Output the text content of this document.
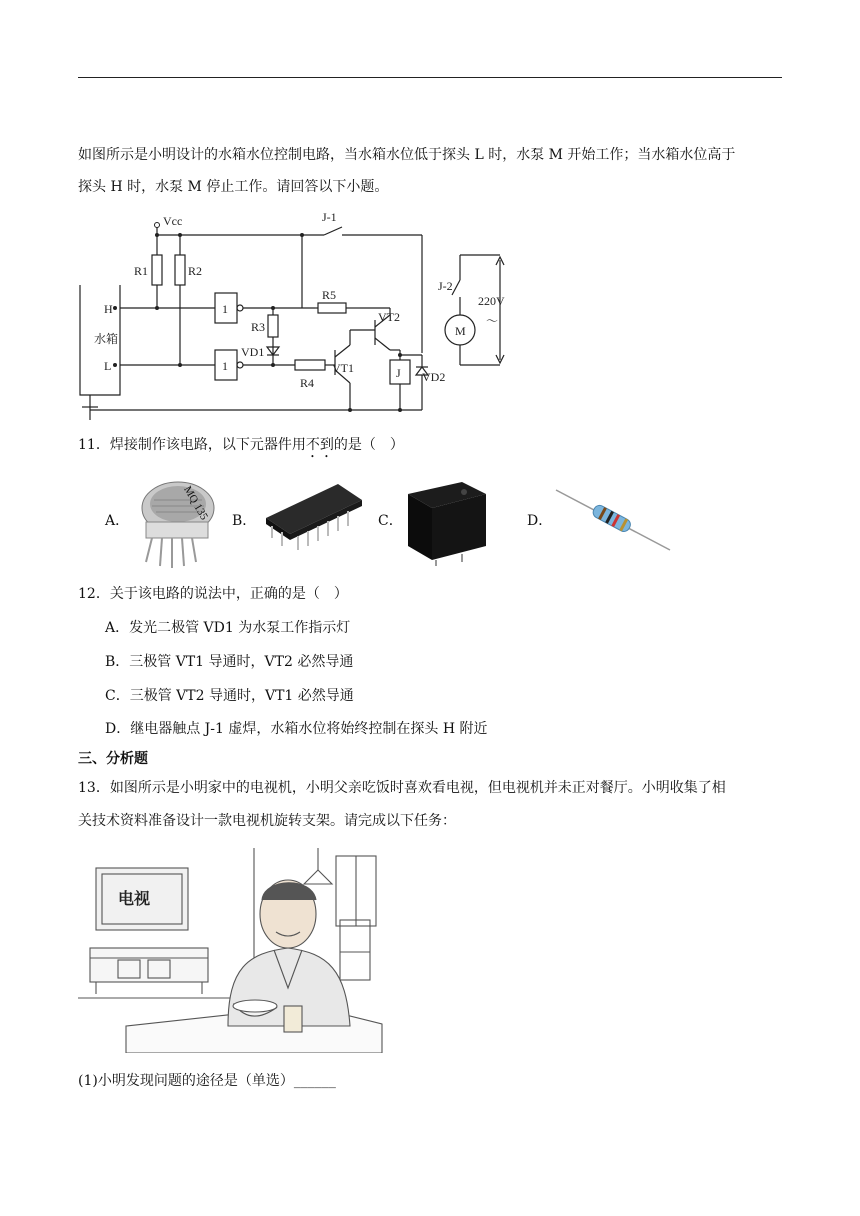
如图所示是小明设计的水箱水位控制电路，当水箱水位低于探头 L 时，水泵 M 开始工作；当水箱水位高于
探头 H 时，水泵 M 停止工作。请回答以下小题。
Vcc	J-1
R1	R2
H
L
水箱
1
1
R3
VD1
R5
VT2
VT1
R4
J VD2
J-2
M
220V
～
11．焊接制作该电路，以下元器件用不到的是（　）
A．	B．	C．	D．
MQ 135
12．关于该电路的说法中，正确的是（　）
A．发光二极管 VD1 为水泵工作指示灯
B．三极管 VT1 导通时，VT2 必然导通
C．三极管 VT2 导通时，VT1 必然导通
D．继电器触点 J-1 虚焊，水箱水位将始终控制在探头 H 附近
三、分析题
13．如图所示是小明家中的电视机，小明父亲吃饭时喜欢看电视，但电视机并未正对餐厅。小明收集了相
关技术资料准备设计一款电视机旋转支架。请完成以下任务：
电视
(1)小明发现问题的途径是（单选）______
